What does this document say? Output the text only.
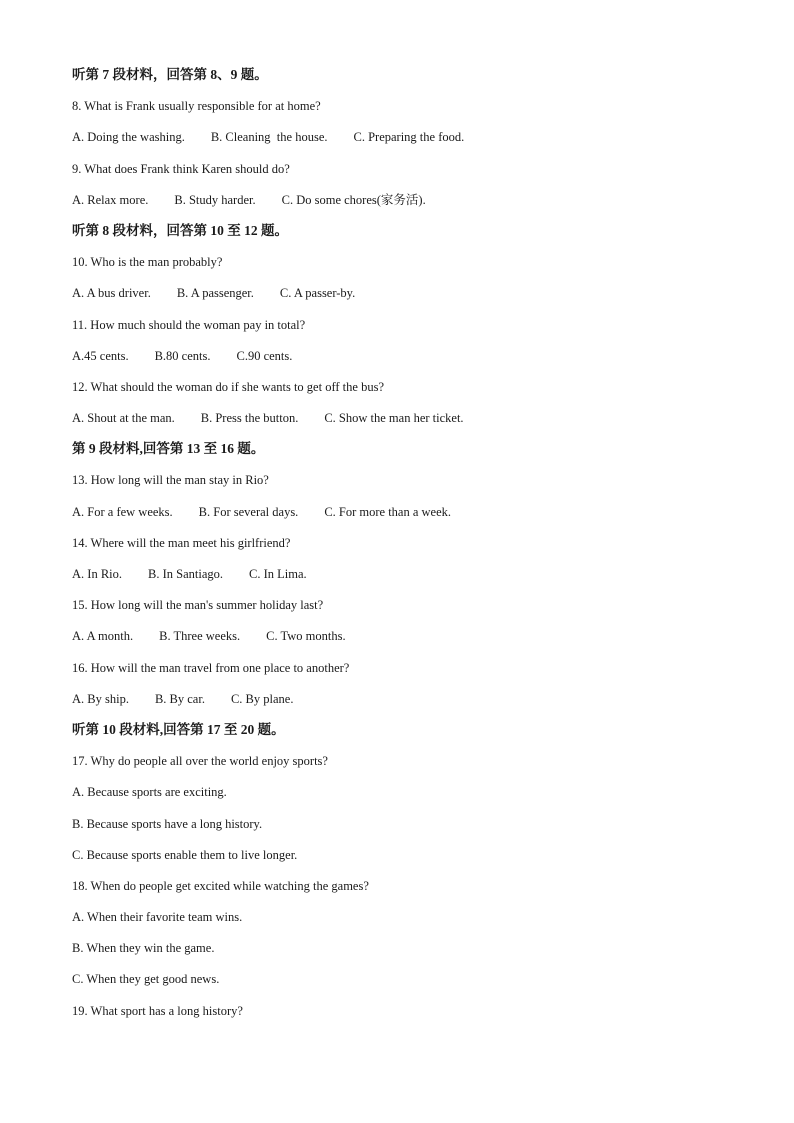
听第 7 段材料，回答第 8、9 题。
8. What is Frank usually responsible for at home?
A. Doing the washing. B. Cleaning  the house. C. Preparing the food.
9. What does Frank think Karen should do?
A. Relax more. B. Study harder. C. Do some chores(家务活).
听第 8 段材料，回答第 10 至 12 题。
10. Who is the man probably?
A. A bus driver. B. A passenger. C. A passer-by.
11. How much should the woman pay in total?
A.45 cents. B.80 cents. C.90 cents.
12. What should the woman do if she wants to get off the bus?
A. Shout at the man. B. Press the button. C. Show the man her ticket.
第 9 段材料,回答第 13 至 16 题。
13. How long will the man stay in Rio?
A. For a few weeks. B. For several days. C. For more than a week.
14. Where will the man meet his girlfriend?
A. In Rio. B. In Santiago. C. In Lima.
15. How long will the man's summer holiday last?
A. A month. B. Three weeks. C. Two months.
16. How will the man travel from one place to another?
A. By ship. B. By car. C. By plane.
听第 10 段材料,回答第 17 至 20 题。
17. Why do people all over the world enjoy sports?
A. Because sports are exciting.
B. Because sports have a long history.
C. Because sports enable them to live longer.
18. When do people get excited while watching the games?
A. When their favorite team wins.
B. When they win the game.
C. When they get good news.
19. What sport has a long history?
